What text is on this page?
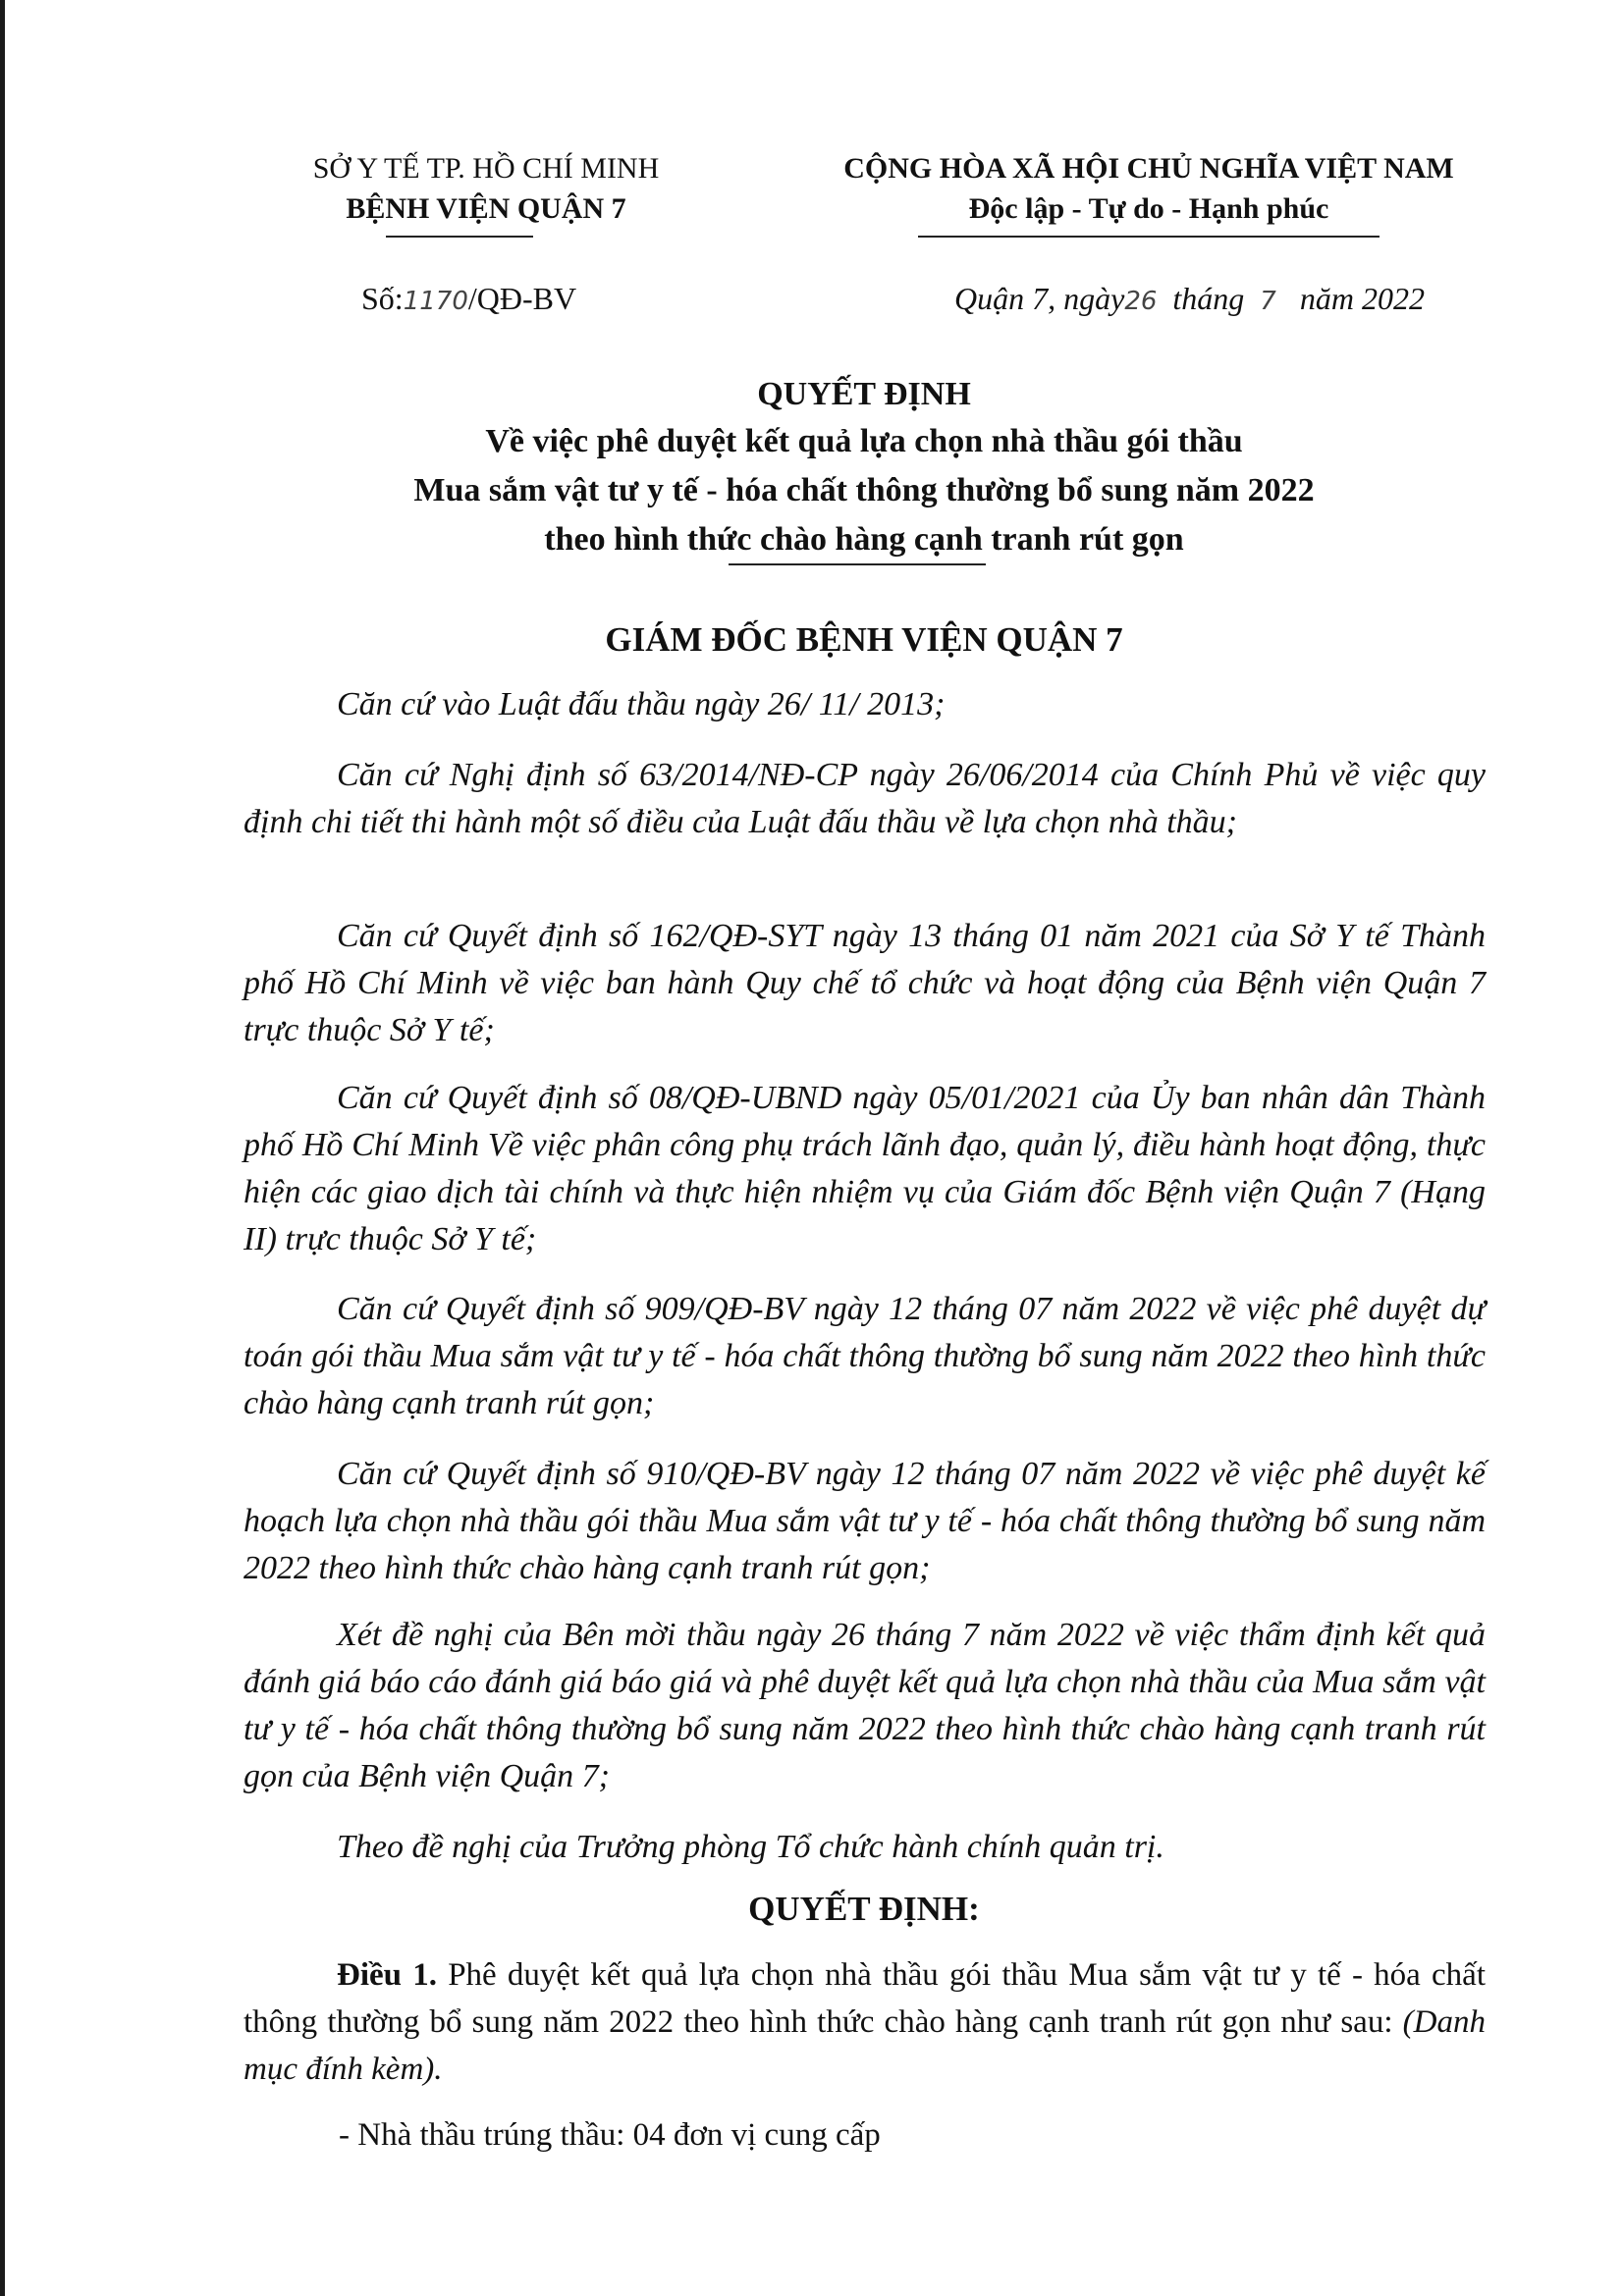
SỞ Y TẾ TP. HỒ CHÍ MINH
BỆNH VIỆN QUẬN 7
CỘNG HÒA XÃ HỘI CHỦ NGHĨA VIỆT NAM
Độc lập - Tự do - Hạnh phúc
Số:1170/QĐ-BV	Quận 7, ngày26 tháng 7 năm 2022
QUYẾT ĐỊNH
Về việc phê duyệt kết quả lựa chọn nhà thầu gói thầu
Mua sắm vật tư y tế - hóa chất thông thường bổ sung năm 2022
theo hình thức chào hàng cạnh tranh rút gọn
GIÁM ĐỐC BỆNH VIỆN QUẬN 7
Căn cứ vào Luật đấu thầu ngày 26/ 11/ 2013;
Căn cứ Nghị định số 63/2014/NĐ-CP ngày 26/06/2014 của Chính Phủ về việc quy định chi tiết thi hành một số điều của Luật đấu thầu về lựa chọn nhà thầu;
Căn cứ Quyết định số 162/QĐ-SYT ngày 13 tháng 01 năm 2021 của Sở Y tế Thành phố Hồ Chí Minh về việc ban hành Quy chế tổ chức và hoạt động của Bệnh viện Quận 7 trực thuộc Sở Y tế;
Căn cứ Quyết định số 08/QĐ-UBND ngày 05/01/2021 của Ủy ban nhân dân Thành phố Hồ Chí Minh Về việc phân công phụ trách lãnh đạo, quản lý, điều hành hoạt động, thực hiện các giao dịch tài chính và thực hiện nhiệm vụ của Giám đốc Bệnh viện Quận 7 (Hạng II) trực thuộc Sở Y tế;
Căn cứ Quyết định số 909/QĐ-BV ngày 12 tháng 07 năm 2022 về việc phê duyệt dự toán gói thầu Mua sắm vật tư y tế - hóa chất thông thường bổ sung năm 2022 theo hình thức chào hàng cạnh tranh rút gọn;
Căn cứ Quyết định số 910/QĐ-BV ngày 12 tháng 07 năm 2022 về việc phê duyệt kế hoạch lựa chọn nhà thầu gói thầu Mua sắm vật tư y tế - hóa chất thông thường bổ sung năm 2022 theo hình thức chào hàng cạnh tranh rút gọn;
Xét đề nghị của Bên mời thầu ngày 26 tháng 7 năm 2022 về việc thẩm định kết quả đánh giá báo cáo đánh giá báo giá và phê duyệt kết quả lựa chọn nhà thầu của Mua sắm vật tư y tế - hóa chất thông thường bổ sung năm 2022 theo hình thức chào hàng cạnh tranh rút gọn của Bệnh viện Quận 7;
Theo đề nghị của Trưởng phòng Tổ chức hành chính quản trị.
QUYẾT ĐỊNH:
Điều 1. Phê duyệt kết quả lựa chọn nhà thầu gói thầu Mua sắm vật tư y tế - hóa chất thông thường bổ sung năm 2022 theo hình thức chào hàng cạnh tranh rút gọn như sau: (Danh mục đính kèm).
- Nhà thầu trúng thầu: 04 đơn vị cung cấp
